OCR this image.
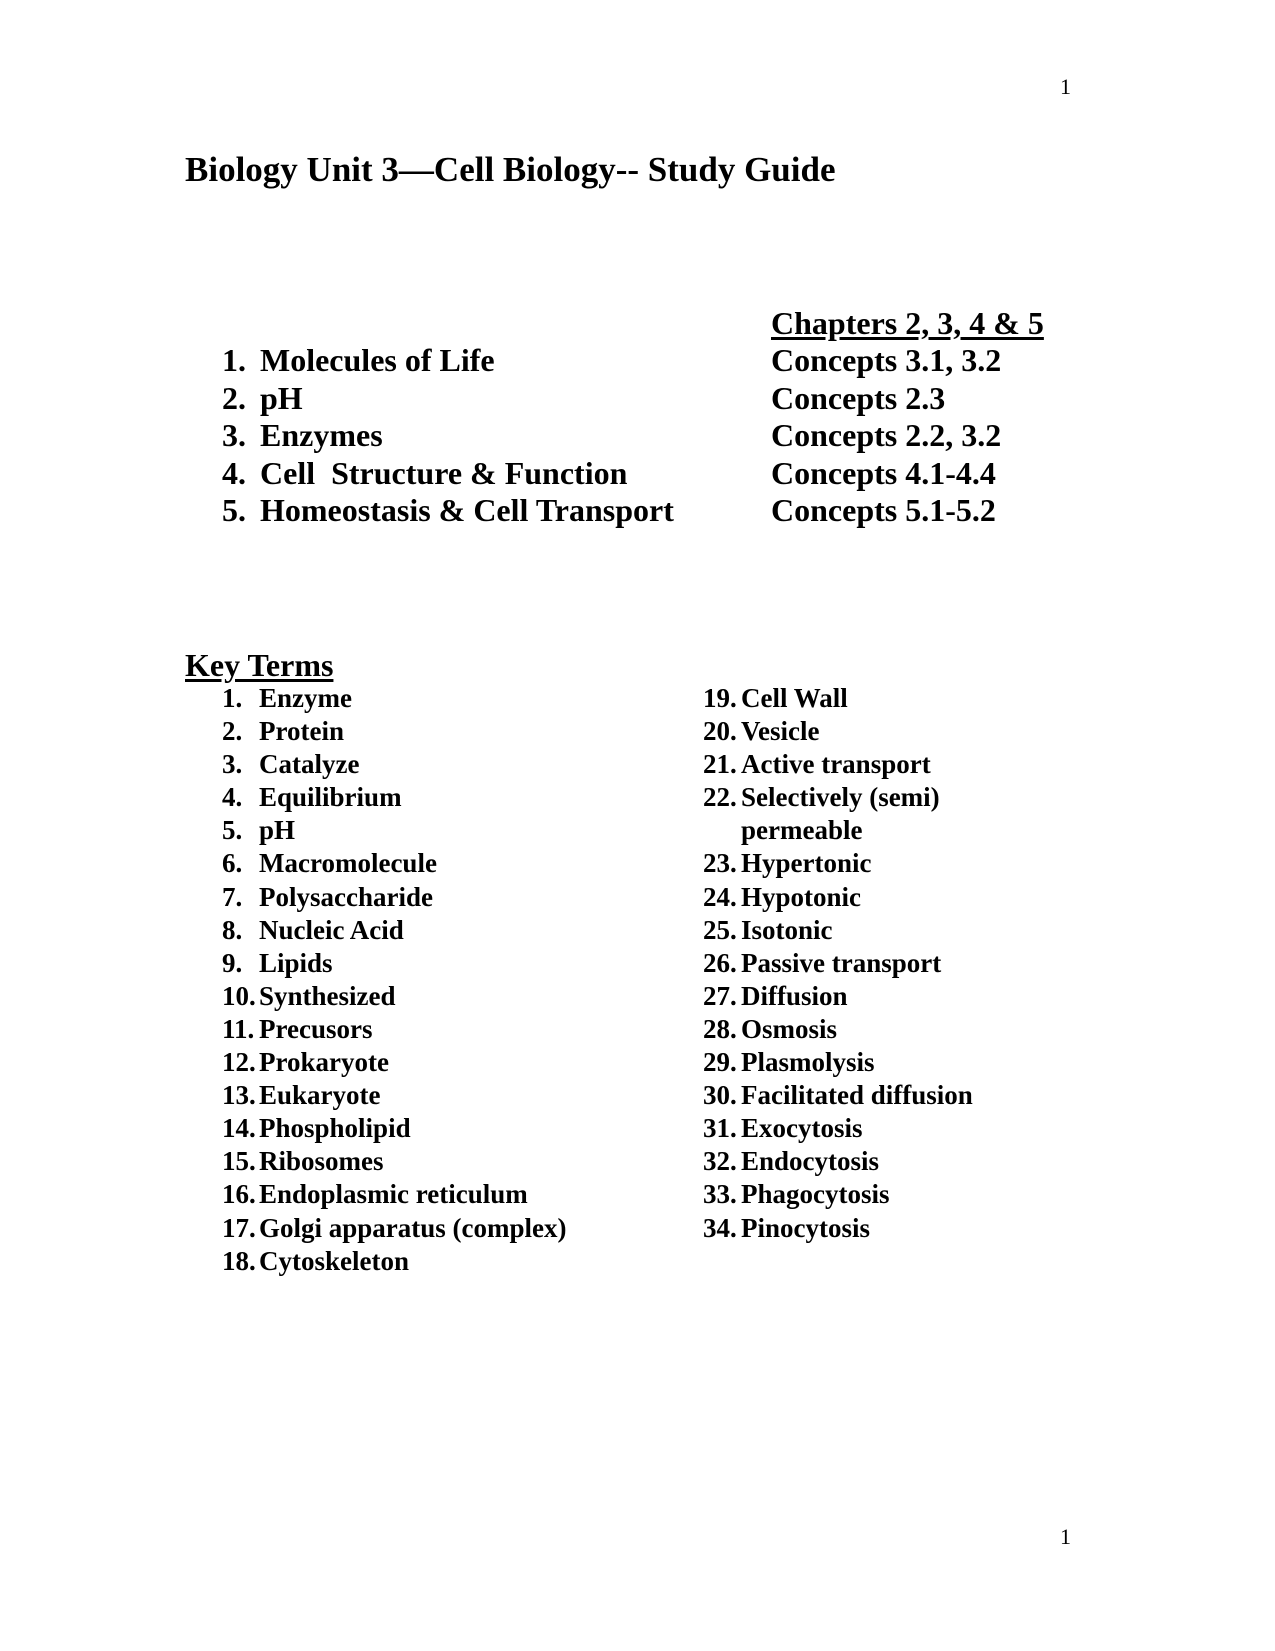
1
Biology Unit 3—Cell Biology-- Study Guide
Chapters 2, 3, 4 & 5
1. Molecules of Life	Concepts 3.1, 3.2
2. pH	Concepts 2.3
3. Enzymes	Concepts 2.2, 3.2
4. Cell  Structure & Function	Concepts 4.1-4.4
5. Homeostasis & Cell Transport	Concepts 5.1-5.2
Key Terms
1. Enzyme
2. Protein
3. Catalyze
4. Equilibrium
5. pH
6. Macromolecule
7. Polysaccharide
8. Nucleic Acid
9. Lipids
10. Synthesized
11. Precusors
12. Prokaryote
13. Eukaryote
14. Phospholipid
15. Ribosomes
16. Endoplasmic reticulum
17. Golgi apparatus (complex)
18. Cytoskeleton
19. Cell Wall
20. Vesicle
21. Active transport
22. Selectively (semi)
permeable
23. Hypertonic
24. Hypotonic
25. Isotonic
26. Passive transport
27. Diffusion
28. Osmosis
29. Plasmolysis
30. Facilitated diffusion
31. Exocytosis
32. Endocytosis
33. Phagocytosis
34. Pinocytosis
1
